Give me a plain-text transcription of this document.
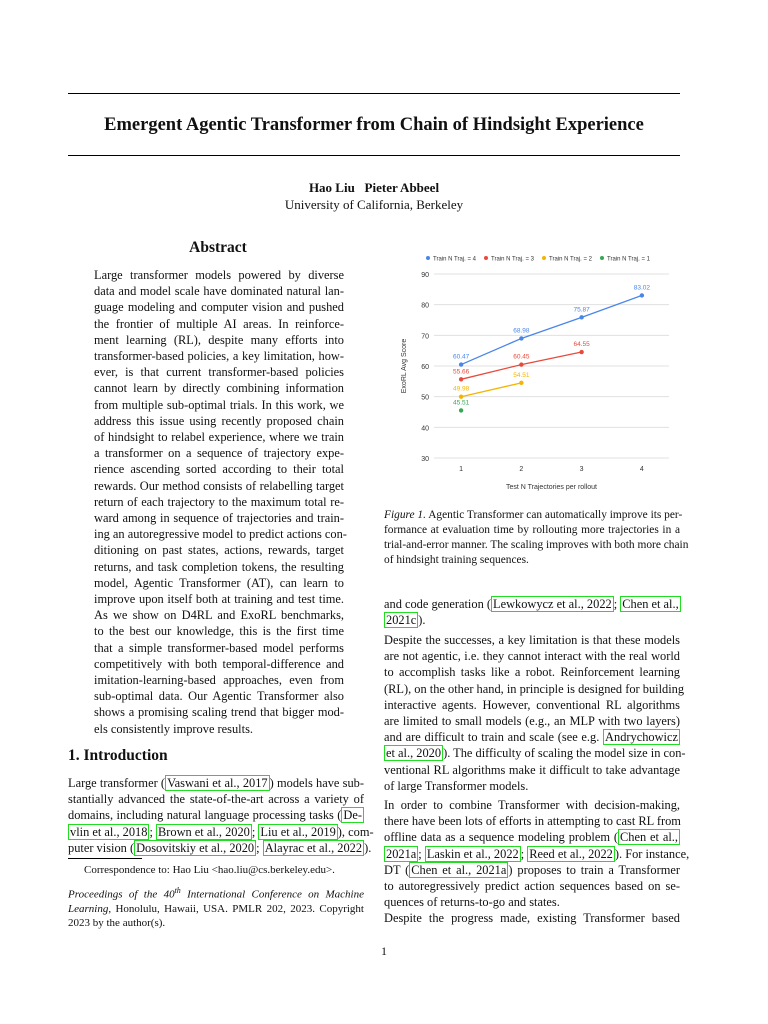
Emergent Agentic Transformer from Chain of Hindsight Experience
Hao Liu   Pieter Abbeel
University of California, Berkeley
Abstract
Large transformer models powered by diverse
data and model scale have dominated natural lan-
guage modeling and computer vision and pushed
the frontier of multiple AI areas. In reinforce-
ment learning (RL), despite many efforts into
transformer-based policies, a key limitation, how-
ever, is that current transformer-based policies
cannot learn by directly combining information
from multiple sub-optimal trials. In this work, we
address this issue using recently proposed chain
of hindsight to relabel experience, where we train
a transformer on a sequence of trajectory expe-
rience ascending sorted according to their total
rewards. Our method consists of relabelling target
return of each trajectory to the maximum total re-
ward among in sequence of trajectories and train-
ing an autoregressive model to predict actions con-
ditioning on past states, actions, rewards, target
returns, and task completion tokens, the resulting
model, Agentic Transformer (AT), can learn to
improve upon itself both at training and test time.
As we show on D4RL and ExoRL benchmarks,
to the best our knowledge, this is the first time
that a simple transformer-based model performs
competitively with both temporal-difference and
imitation-learning-based approaches, even from
sub-optimal data. Our Agentic Transformer also
shows a promising scaling trend that bigger mod-
els consistently improve results.
1. Introduction
Large transformer ( Vaswani et al., 2017 ) models have sub-
stantially advanced the state-of-the-art across a variety of
domains, including natural language processing tasks ( De-
vlin et al., 2018 ; Brown et al., 2020 ; Liu et al., 2019 ), com-
puter vision ( Dosovitskiy et al., 2020 ; Alayrac et al., 2022 ).
Correspondence to: Hao Liu <hao.liu@cs.berkeley.edu>.
Proceedings of the 40th International Conference on Machine
Learning, Honolulu, Hawaii, USA. PMLR 202, 2023. Copyright
2023 by the author(s).
30
40
50
60
70
80
90
1	2	3	4
Test N Trajectories per rollout
ExoRL Avg Score
Train N Traj. = 4	Train N Traj. = 3	Train N Traj. = 2	Train N Traj. = 1
60.47
68.98
75.87
83.02
55.66
60.45
64.55
49.98
54.51
45.51
Figure 1. Agentic Transformer can automatically improve its per-
formance at evaluation time by rollouting more trajectories in a
trial-and-error manner. The scaling improves with both more chain
of hindsight training sequences.
and code generation ( Lewkowycz et al., 2022 ; Chen et al.,
2021c ).
Despite the successes, a key limitation is that these models
are not agentic, i.e. they cannot interact with the real world
to accomplish tasks like a robot. Reinforcement learning
(RL), on the other hand, in principle is designed for building
interactive agents. However, conventional RL algorithms
are limited to small models (e.g., an MLP with two layers)
and are difficult to train and scale (see e.g. Andrychowicz
et al., 2020 ). The difficulty of scaling the model size in con-
ventional RL algorithms make it difficult to take advantage
of large Transformer models.
In order to combine Transformer with decision-making,
there have been lots of efforts in attempting to cast RL from
offline data as a sequence modeling problem ( Chen et al.,
2021a ; Laskin et al., 2022 ; Reed et al., 2022 ). For instance,
DT ( Chen et al., 2021a ) proposes to train a Transformer
to autoregressively predict action sequences based on se-
quences of returns-to-go and states.
Despite the progress made, existing Transformer based
1
